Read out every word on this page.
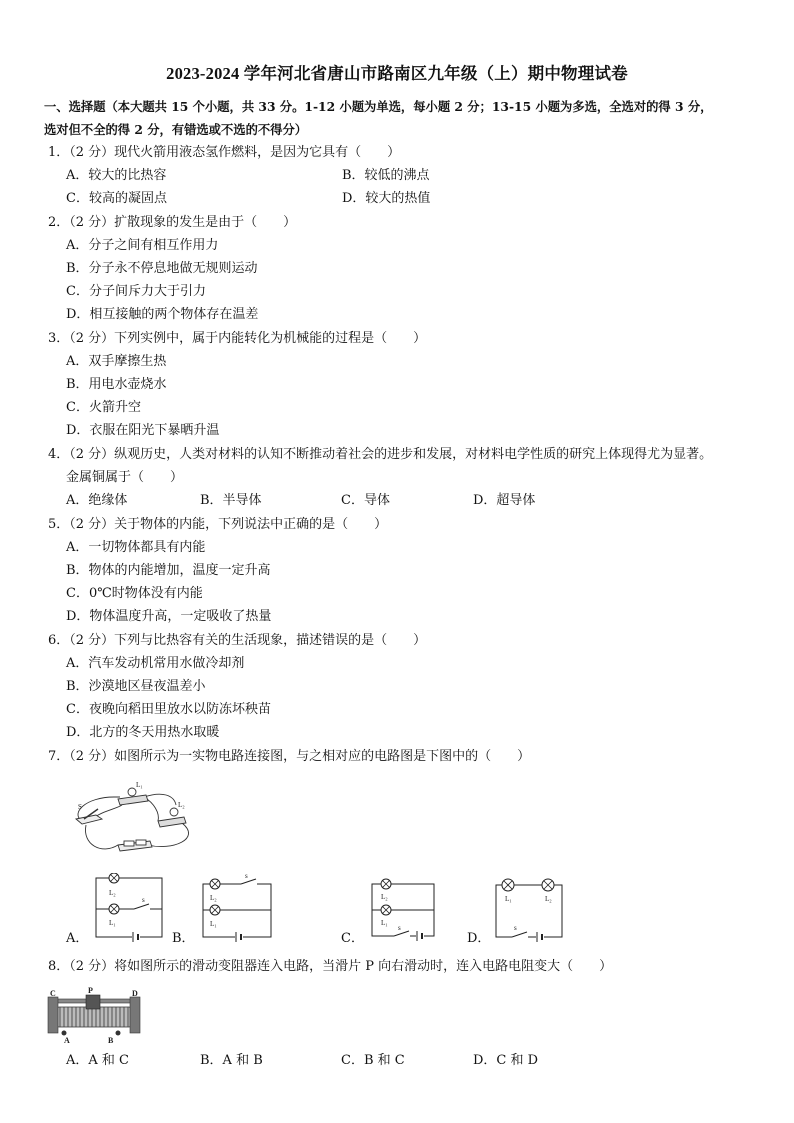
2023-2024 学年河北省唐山市路南区九年级（上）期中物理试卷
一、选择题（本大题共 15 个小题，共 33 分。1-12 小题为单选，每小题 2 分；13-15 小题为多选，全选对的得 3 分，
选对但不全的得 2 分，有错选或不选的不得分）
1．（2 分）现代火箭用液态氢作燃料，是因为它具有（　　）
A．较大的比热容	B．较低的沸点
C．较高的凝固点	D．较大的热值
2．（2 分）扩散现象的发生是由于（　　）
A．分子之间有相互作用力
B．分子永不停息地做无规则运动
C．分子间斥力大于引力
D．相互接触的两个物体存在温差
3．（2 分）下列实例中，属于内能转化为机械能的过程是（　　）
A．双手摩擦生热
B．用电水壶烧水
C．火箭升空
D．衣服在阳光下暴晒升温
4．（2 分）纵观历史，人类对材料的认知不断推动着社会的进步和发展，对材料电学性质的研究上体现得尤为显著。
金属铜属于（　　）
A．绝缘体	B．半导体	C．导体	D．超导体
5．（2 分）关于物体的内能，下列说法中正确的是（　　）
A．一切物体都具有内能
B．物体的内能增加，温度一定升高
C．0℃时物体没有内能
D．物体温度升高，一定吸收了热量
6．（2 分）下列与比热容有关的生活现象，描述错误的是（　　）
A．汽车发动机常用水做冷却剂
B．沙漠地区昼夜温差小
C．夜晚向稻田里放水以防冻坏秧苗
D．北方的冬天用热水取暖
7．（2 分）如图所示为一实物电路连接图，与之相对应的电路图是下图中的（　　）
L₁
L₂
S
L₂
L₁
s
s
L₂
L₁
L₂
L₁
s
L₁	L₂
s
A．	B．	C．	D．
8．（2 分）将如图所示的滑动变阻器连入电路，当滑片 P 向右滑动时，连入电路电阻变大（　　）
P
C	D
A	B
A．A 和 C	B．A 和 B	C．B 和 C	D．C 和 D
